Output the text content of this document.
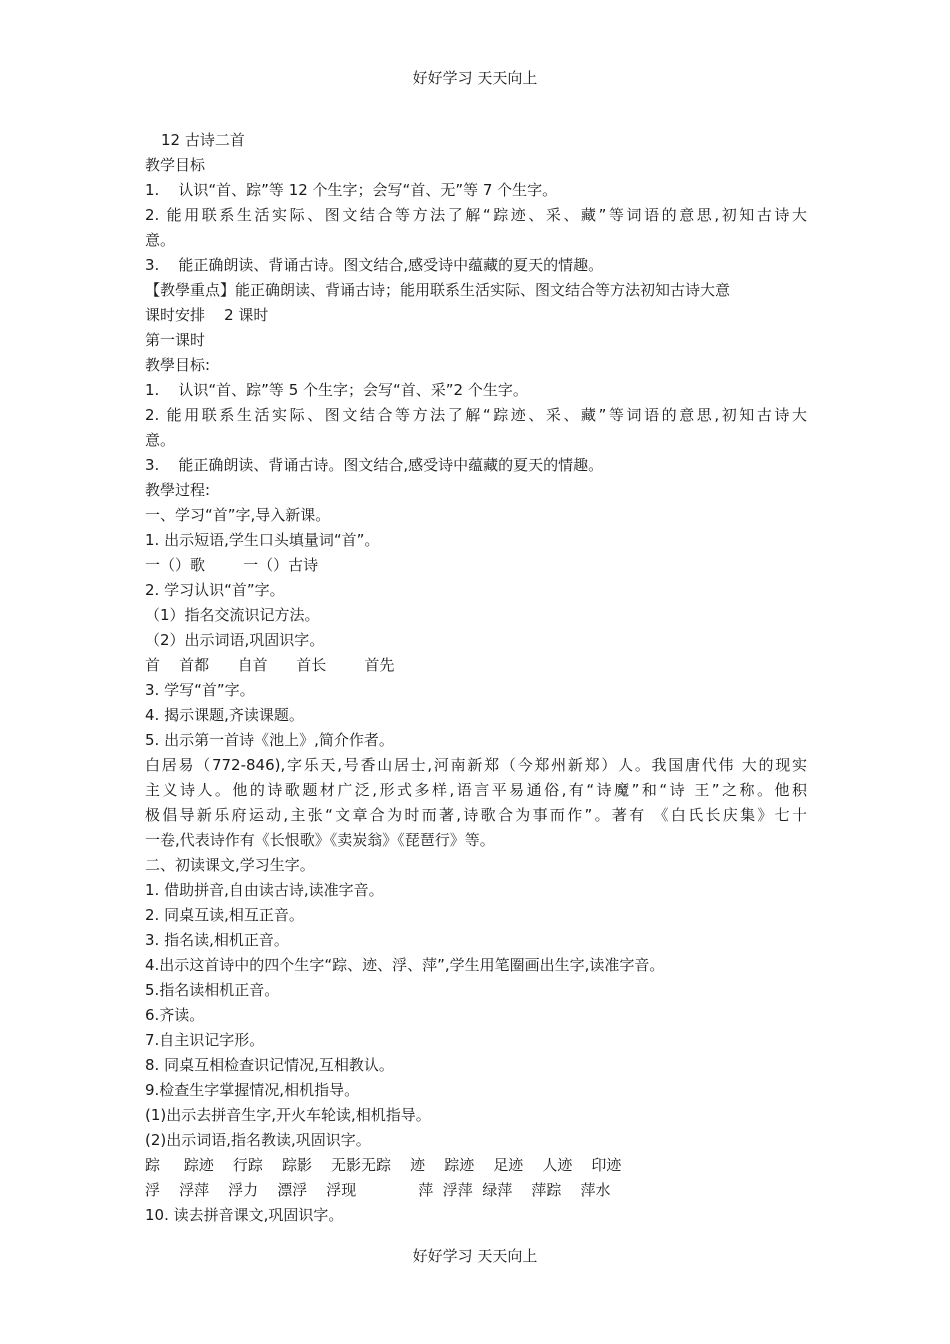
好好学习 天天向上
12 古诗二首
教学目标
1.    认识“首、踪”等 12 个生字；会写“首、无”等 7 个生字。
2. 能用联系生活实际、图文结合等方法了解“踪迹、采、藏”等词语的意思,初知古诗大
意。
3.    能正确朗读、背诵古诗。图文结合,感受诗中蕴藏的夏天的情趣。
【教學重点】能正确朗读、背诵古诗；能用联系生活实际、图文结合等方法初知古诗大意
课时安排    2 课时
第一课时
教學目标:
1.    认识“首、踪”等 5 个生字；会写“首、采”2 个生字。
2. 能用联系生活实际、图文结合等方法了解“踪迹、采、藏”等词语的意思,初知古诗大
意。
3.    能正确朗读、背诵古诗。图文结合,感受诗中蕴藏的夏天的情趣。
教學过程:
一、学习“首”字,导入新课。
1. 出示短语,学生口头填量词“首”。
一（）歌        一（）古诗
2. 学习认识“首”字。
（1）指名交流识记方法。
（2）出示词语,巩固识字。
首    首都      自首      首长        首先
3. 学写“首”字。
4. 揭示课题,齐读课题。
5. 出示第一首诗《池上》,简介作者。
白居易（772-846),字乐天,号香山居士,河南新郑（今郑州新郑）人。我国唐代伟 大的现实
主义诗人。他的诗歌题材广泛,形式多样,语言平易通俗,有“诗魔”和“诗 王”之称。他积
极倡导新乐府运动,主张“文章合为时而著,诗歌合为事而作”。著有 《白氏长庆集》七十
一卷,代表诗作有《长恨歌》《卖炭翁》《琵琶行》等。
二、初读课文,学习生字。
1. 借助拼音,自由读古诗,读准字音。
2. 同桌互读,相互正音。
3. 指名读,相机正音。
4.出示这首诗中的四个生字“踪、迹、浮、萍”,学生用笔圈画出生字,读准字音。
5.指名读相机正音。
6.齐读。
7.自主识记字形。
8. 同桌互相检查识记情况,互相教认。
9.检查生字掌握情况,相机指导。
(1)出示去拼音生字,开火车轮读,相机指导。
(2)出示词语,指名教读,巩固识字。
踪     踪迹    行踪    踪影    无影无踪    迹    踪迹    足迹    人迹    印迹
浮    浮萍    浮力    漂浮    浮现             萍  浮萍  绿萍    萍踪    萍水
10. 读去拼音课文,巩固识字。
好好学习 天天向上
